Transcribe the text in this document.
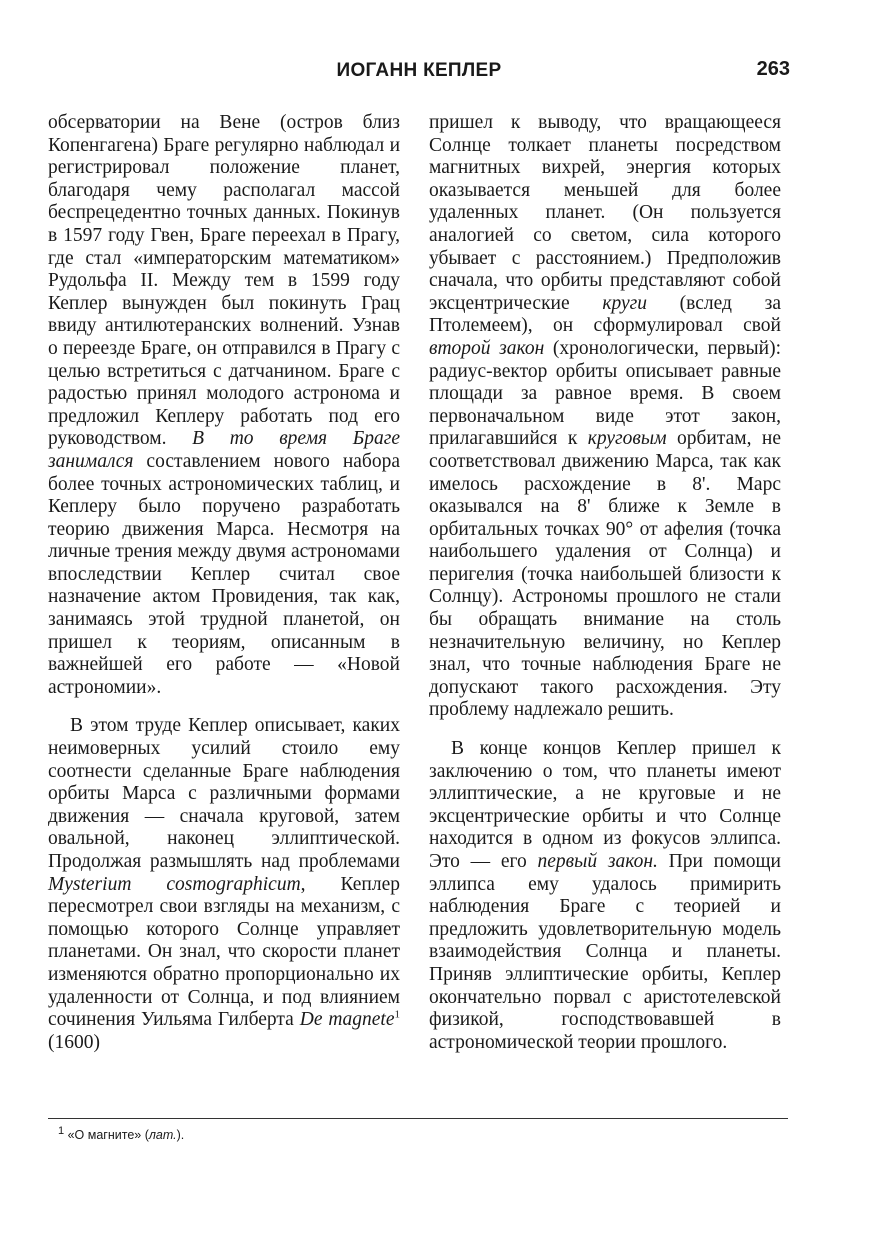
ИОГАНН КЕПЛЕР	263

обсерватории на Вене (остров близ Копенгагена) Браге регулярно наблюдал и регистрировал положение планет, благодаря чему располагал массой беспрецедентно точных данных. Покинув в 1597 году Гвен, Браге переехал в Прагу, где стал «императорским математиком» Рудольфа II. Между тем в 1599 году Кеплер вынужден был покинуть Грац ввиду антилютеранских волнений. Узнав о переезде Браге, он отправился в Прагу с целью встретиться с датчанином. Браге с радостью принял молодого астронома и предложил Кеплеру работать под его руководством. В то время Браге занимался составлением нового набора более точных астрономических таблиц, и Кеплеру было поручено разработать теорию движения Марса. Несмотря на личные трения между двумя астрономами впоследствии Кеплер считал свое назначение актом Провидения, так как, занимаясь этой трудной планетой, он пришел к теориям, описанным в важнейшей его работе — «Новой астрономии».

В этом труде Кеплер описывает, каких неимоверных усилий стоило ему соотнести сделанные Браге наблюдения орбиты Марса с различными формами движения — сначала круговой, затем овальной, наконец эллиптической. Продолжая размышлять над проблемами Mysterium cosmographicum, Кеплер пересмотрел свои взгляды на механизм, с помощью которого Солнце управляет планетами. Он знал, что скорости планет изменяются обратно пропорционально их удаленности от Солнца, и под влиянием сочинения Уильяма Гилберта De magnete$^1$ (1600)

пришел к выводу, что вращающееся Солнце толкает планеты посредством магнитных вихрей, энергия которых оказывается меньшей для более удаленных планет. (Он пользуется аналогией со светом, сила которого убывает с расстоянием.) Предположив сначала, что орбиты представляют собой эксцентрические круги (вслед за Птолемеем), он сформулировал свой второй закон (хронологически, первый): радиус-вектор орбиты описывает равные площади за равное время. В своем первоначальном виде этот закон, прилагавшийся к круговым орбитам, не соответствовал движению Марса, так как имелось расхождение в 8'. Марс оказывался на 8' ближе к Земле в орбитальных точках 90° от афелия (точка наибольшего удаления от Солнца) и перигелия (точка наибольшей близости к Солнцу). Астрономы прошлого не стали бы обращать внимание на столь незначительную величину, но Кеплер знал, что точные наблюдения Браге не допускают такого расхождения. Эту проблему надлежало решить.

В конце концов Кеплер пришел к заключению о том, что планеты имеют эллиптические, а не круговые и не эксцентрические орбиты и что Солнце находится в одном из фокусов эллипса. Это — его первый закон. При помощи эллипса ему удалось примирить наблюдения Браге с теорией и предложить удовлетворительную модель взаимодействия Солнца и планеты. Приняв эллиптические орбиты, Кеплер окончательно порвал с аристотелевской физикой, господствовавшей в астрономической теории прошлого.

$^1$ «О магните» (лат.).
